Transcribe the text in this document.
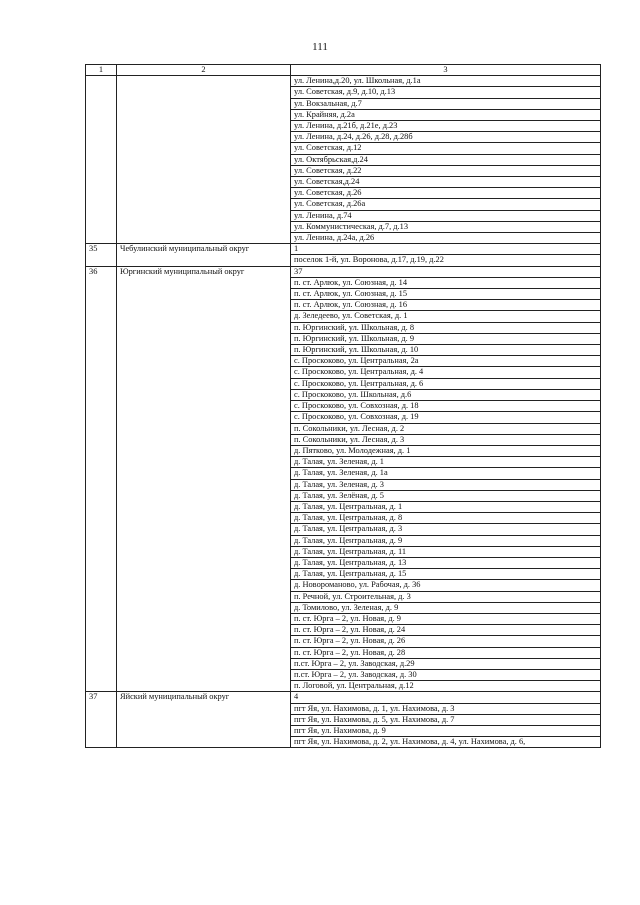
111
1	2	3
		ул. Ленина,д.20, ул. Школьная, д.1а
		ул. Советская, д.9, д.10, д.13
		ул. Вокзальная, д.7
		ул. Крайняя, д.2а
		ул. Ленина, д.21б, д.21е, д.23
		ул. Ленина, д.24, д.26, д.28, д.28б
		ул. Советская, д.12
		ул. Октябрьская,д.24
		ул. Советская, д.22
		ул. Советская,д.24
		ул. Советская, д.26
		ул. Советская, д.26а
		ул. Ленина, д.74
		ул. Коммунистическая, д.7, д.13
		ул. Ленина, д.24а, д.26
35	Чебулинский муниципальный округ	1
		поселок 1-й, ул. Воронова, д.17, д.19, д.22
36	Юргинский муниципальный округ	37
		п. ст. Арлюк, ул. Союзная, д. 14
		п. ст. Арлюк, ул. Союзная, д. 15
		п. ст. Арлюк, ул. Союзная, д. 16
		д. Зеледеево, ул. Советская, д. 1
		п. Юргинский, ул. Школьная, д. 8
		п. Юргинский, ул. Школьная, д. 9
		п. Юргинский, ул. Школьная, д. 10
		с. Проскоково, ул. Центральная, 2а
		с. Проскоково, ул. Центральная, д. 4
		с. Проскоково, ул. Центральная, д. 6
		с. Проскоково, ул. Школьная, д.6
		с. Проскоково, ул. Совхозная, д. 18
		с. Проскоково, ул. Совхозная, д. 19
		п. Сокольники, ул. Лесная, д. 2
		п. Сокольники, ул. Лесная, д. 3
		д. Пятково, ул. Молодежная, д. 1
		д. Талая, ул. Зеленая, д. 1
		д. Талая, ул. Зеленая, д. 1а
		д. Талая, ул. Зеленая, д. 3
		д. Талая, ул. Зелёная, д. 5
		д. Талая, ул. Центральная, д. 1
		д. Талая, ул. Центральная, д. 8
		д. Талая, ул. Центральная, д. 3
		д. Талая, ул. Центральная, д. 9
		д. Талая, ул. Центральная, д. 11
		д. Талая, ул. Центральная, д. 13
		д. Талая, ул. Центральная, д. 15
		д. Новороманово, ул. Рабочая, д. 36
		п. Речной, ул. Строительная, д. 3
		д. Томилово, ул. Зеленая, д. 9
		п. ст. Юрга – 2, ул. Новая, д. 9
		п. ст. Юрга – 2, ул. Новая, д. 24
		п. ст. Юрга – 2, ул. Новая, д. 26
		п. ст. Юрга – 2, ул. Новая, д. 28
		п.ст. Юрга – 2, ул. Заводская, д.29
		п.ст. Юрга – 2, ул. Заводская, д. 30
		п. Логовой, ул. Центральная, д.12
37	Яйский муниципальный округ	4
		пгт Яя, ул. Нахимова, д. 1, ул. Нахимова, д. 3
		пгт Яя, ул. Нахимова, д. 5, ул. Нахимова, д. 7
		пгт Яя, ул. Нахимова, д. 9
		пгт Яя, ул. Нахимова, д. 2, ул. Нахимова, д. 4, ул. Нахимова, д. 6,
